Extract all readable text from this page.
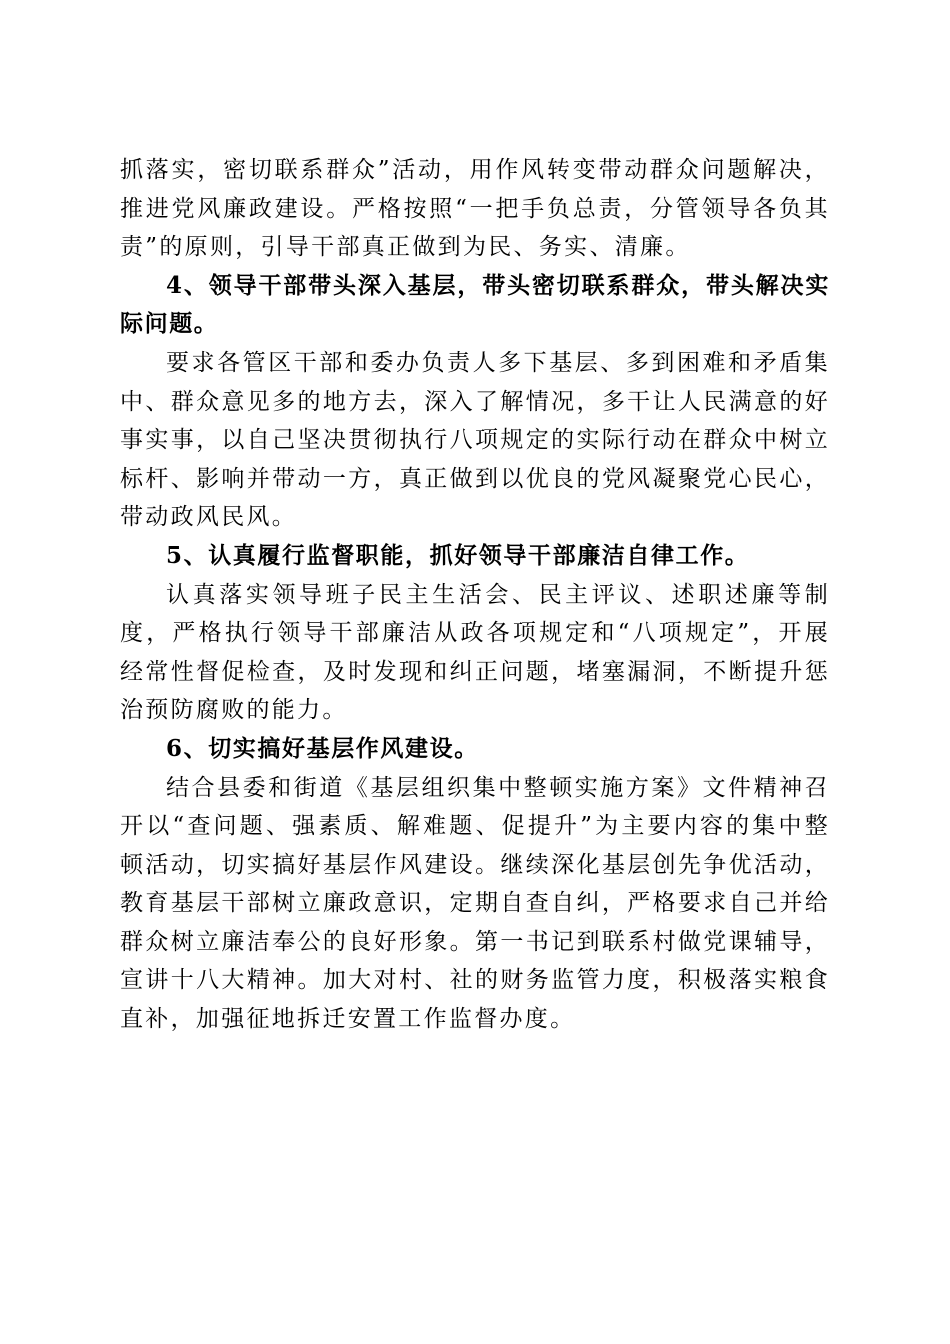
抓落实，密切联系群众”活动，用作风转变带动群众问题解决，推进党风廉政建设。严格按照“一把手负总责，分管领导各负其责”的原则，引导干部真正做到为民、务实、清廉。

4、领导干部带头深入基层，带头密切联系群众，带头解决实际问题。

要求各管区干部和委办负责人多下基层、多到困难和矛盾集中、群众意见多的地方去，深入了解情况，多干让人民满意的好事实事，以自己坚决贯彻执行八项规定的实际行动在群众中树立标杆、影响并带动一方，真正做到以优良的党风凝聚党心民心，带动政风民风。

5、认真履行监督职能，抓好领导干部廉洁自律工作。

认真落实领导班子民主生活会、民主评议、述职述廉等制度，严格执行领导干部廉洁从政各项规定和“八项规定”，开展经常性督促检查，及时发现和纠正问题，堵塞漏洞，不断提升惩治预防腐败的能力。

6、切实搞好基层作风建设。

结合县委和街道《基层组织集中整顿实施方案》文件精神召开以“查问题、强素质、解难题、促提升”为主要内容的集中整顿活动，切实搞好基层作风建设。继续深化基层创先争优活动，教育基层干部树立廉政意识，定期自查自纠，严格要求自己并给群众树立廉洁奉公的良好形象。第一书记到联系村做党课辅导，宣讲十八大精神。加大对村、社的财务监管力度，积极落实粮食直补，加强征地拆迁安置工作监督办度。
